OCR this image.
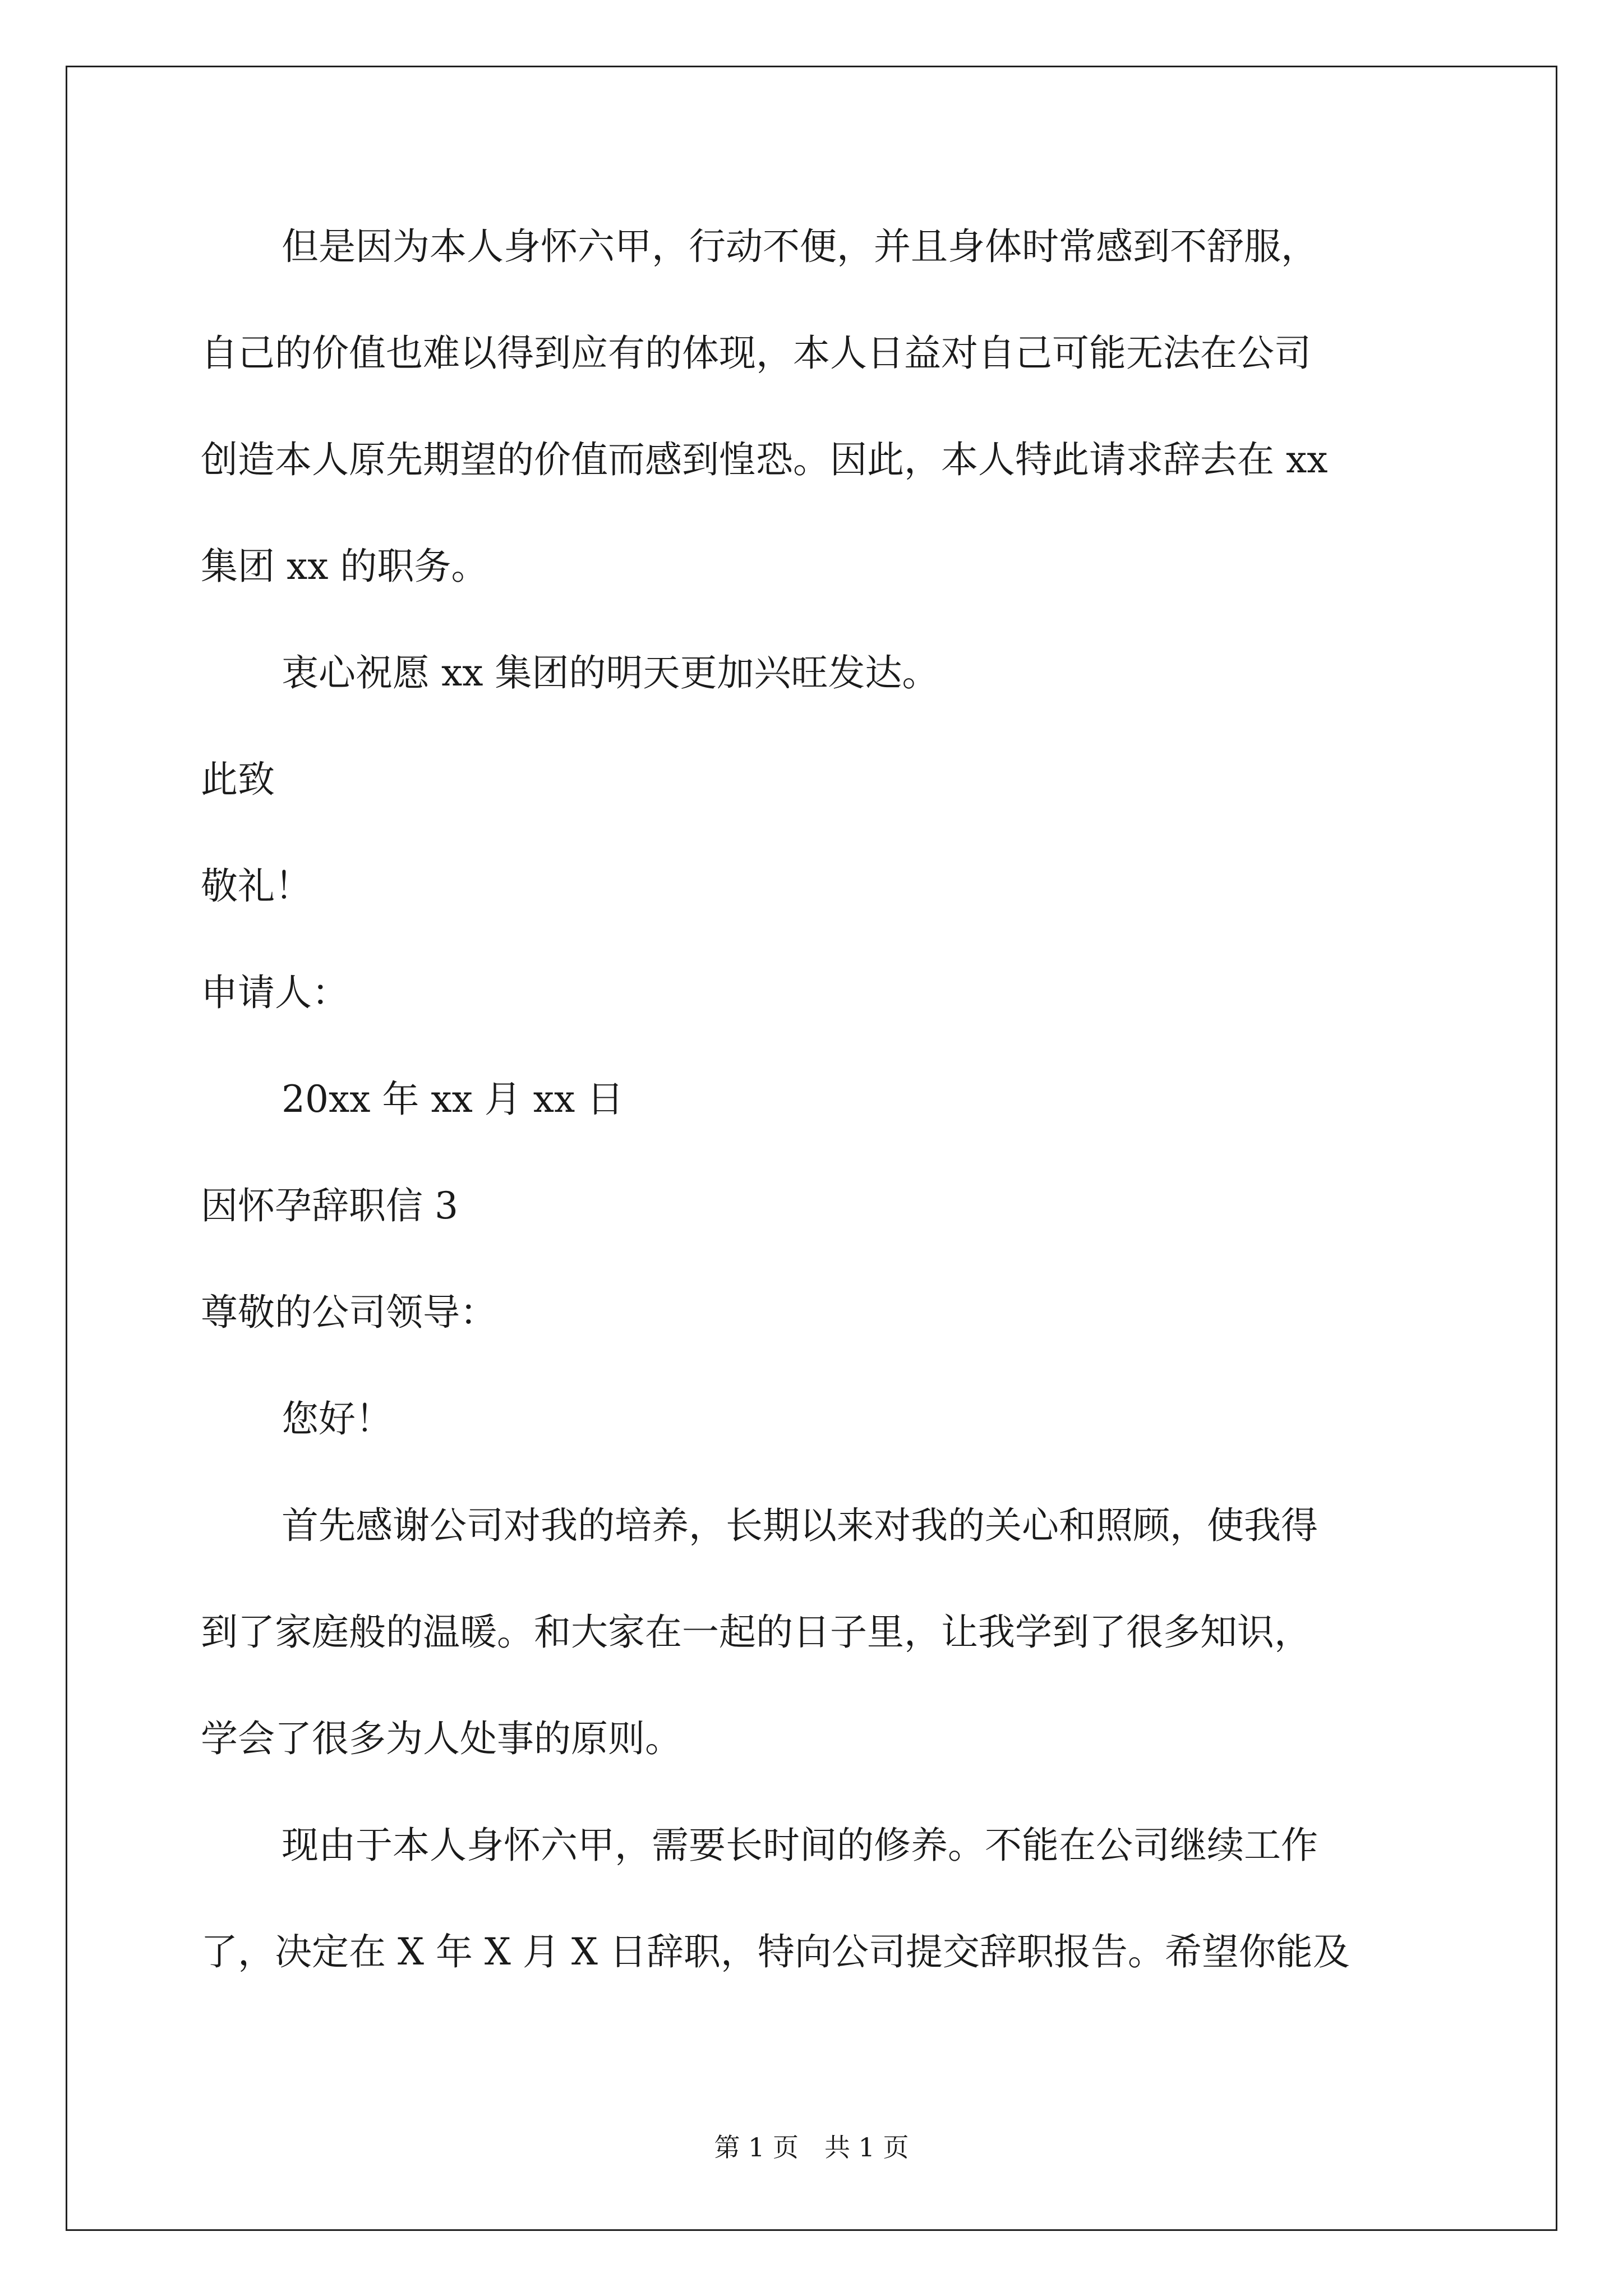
但是因为本人身怀六甲，行动不便，并且身体时常感到不舒服，
自己的价值也难以得到应有的体现，本人日益对自己可能无法在公司
创造本人原先期望的价值而感到惶恐。因此，本人特此请求辞去在 xx
集团 xx 的职务。
衷心祝愿 xx 集团的明天更加兴旺发达。
此致
敬礼！
申请人：
20xx 年 xx 月 xx 日
因怀孕辞职信 3
尊敬的公司领导：
您好！
首先感谢公司对我的培养，长期以来对我的关心和照顾，使我得
到了家庭般的温暖。和大家在一起的日子里，让我学到了很多知识，
学会了很多为人处事的原则。
现由于本人身怀六甲，需要长时间的修养。不能在公司继续工作
了，决定在 X 年 X 月 X 日辞职，特向公司提交辞职报告。希望你能及
第 1 页　共 1 页
